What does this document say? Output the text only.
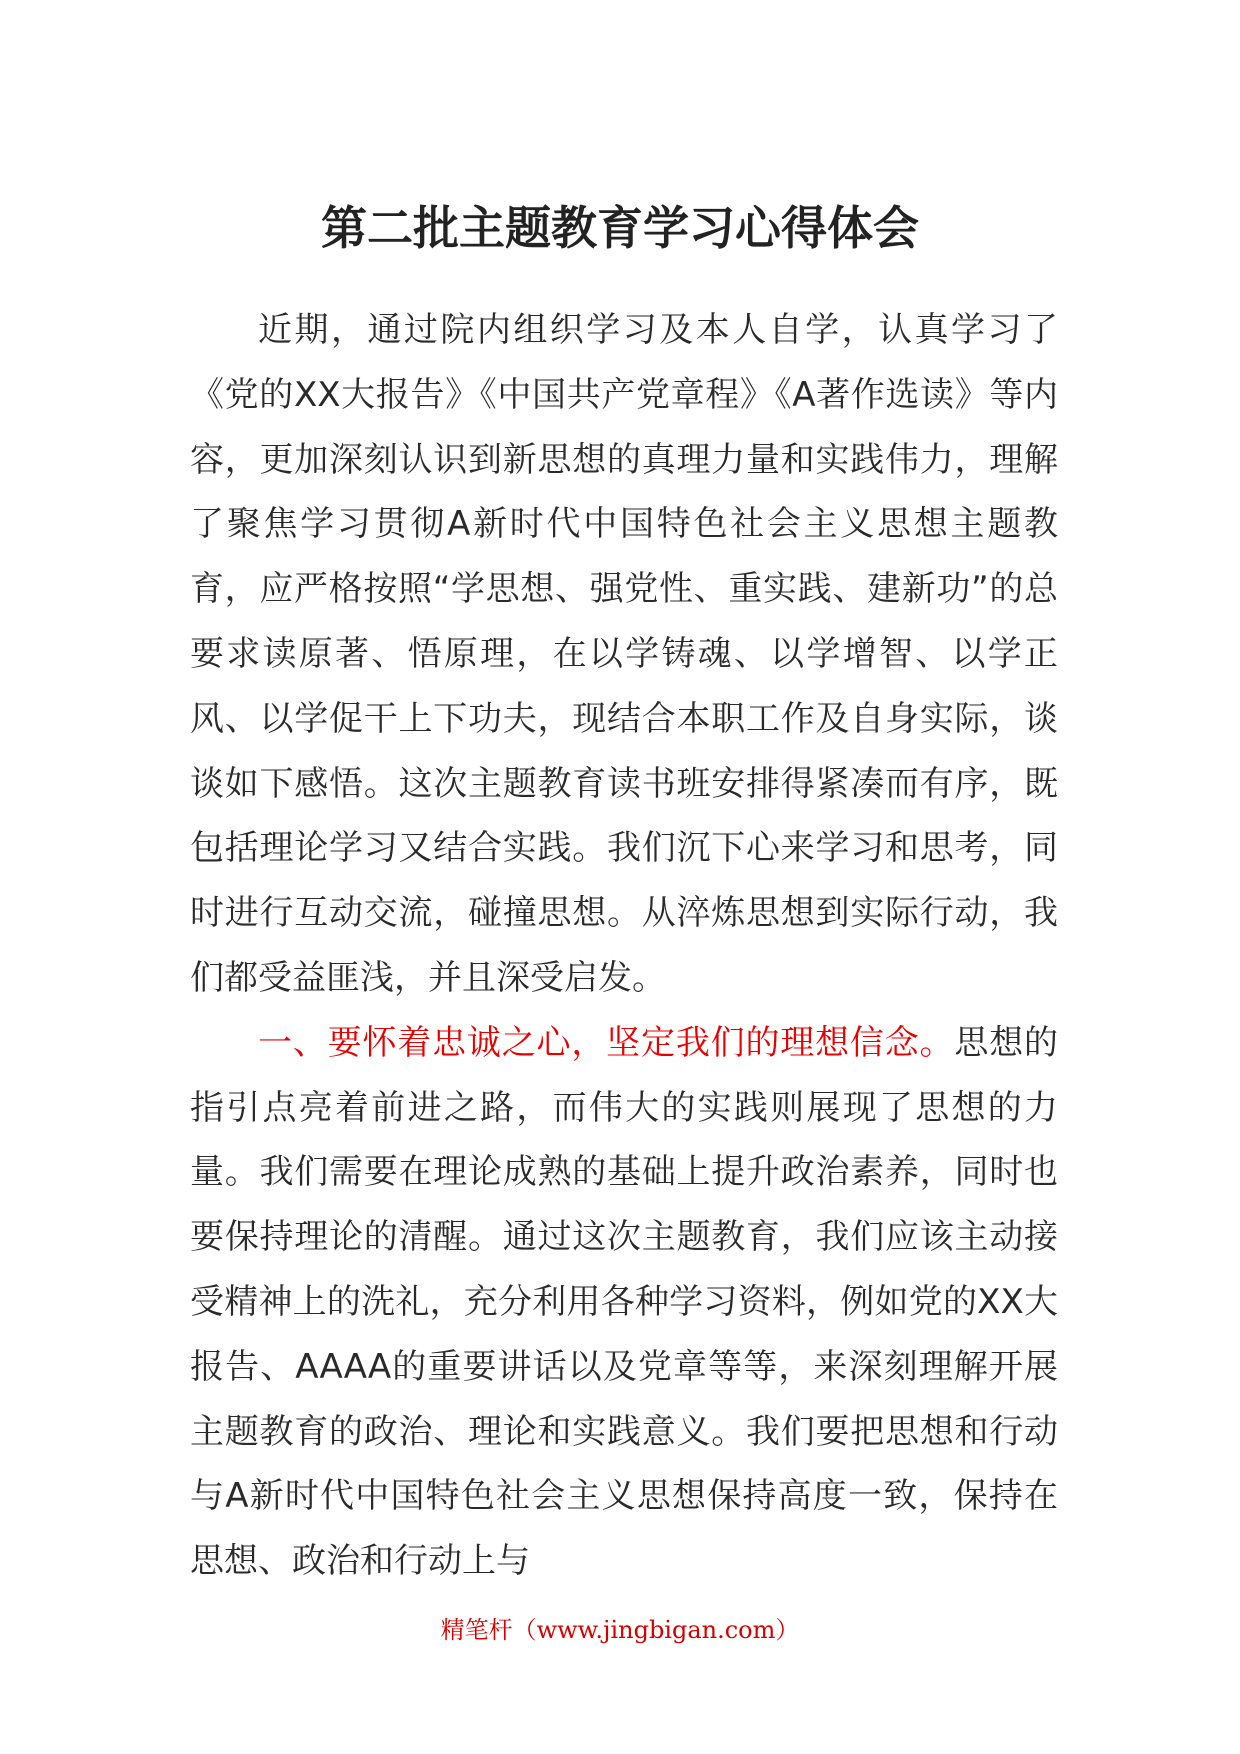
第二批主题教育学习心得体会

近期，通过院内组织学习及本人自学，认真学习了《党的XX大报告》《中国共产党章程》《A著作选读》等内容，更加深刻认识到新思想的真理力量和实践伟力，理解了聚焦学习贯彻A新时代中国特色社会主义思想主题教育，应严格按照“学思想、强党性、重实践、建新功”的总要求读原著、悟原理，在以学铸魂、以学增智、以学正风、以学促干上下功夫，现结合本职工作及自身实际，谈谈如下感悟。这次主题教育读书班安排得紧凑而有序，既包括理论学习又结合实践。我们沉下心来学习和思考，同时进行互动交流，碰撞思想。从淬炼思想到实际行动，我们都受益匪浅，并且深受启发。

一、要怀着忠诚之心，坚定我们的理想信念。思想的指引点亮着前进之路，而伟大的实践则展现了思想的力量。我们需要在理论成熟的基础上提升政治素养，同时也要保持理论的清醒。通过这次主题教育，我们应该主动接受精神上的洗礼，充分利用各种学习资料，例如党的XX大报告、AAAA的重要讲话以及党章等等，来深刻理解开展主题教育的政治、理论和实践意义。我们要把思想和行动与A新时代中国特色社会主义思想保持高度一致，保持在思想、政治和行动上与

精笔杆（www.jingbigan.com）
